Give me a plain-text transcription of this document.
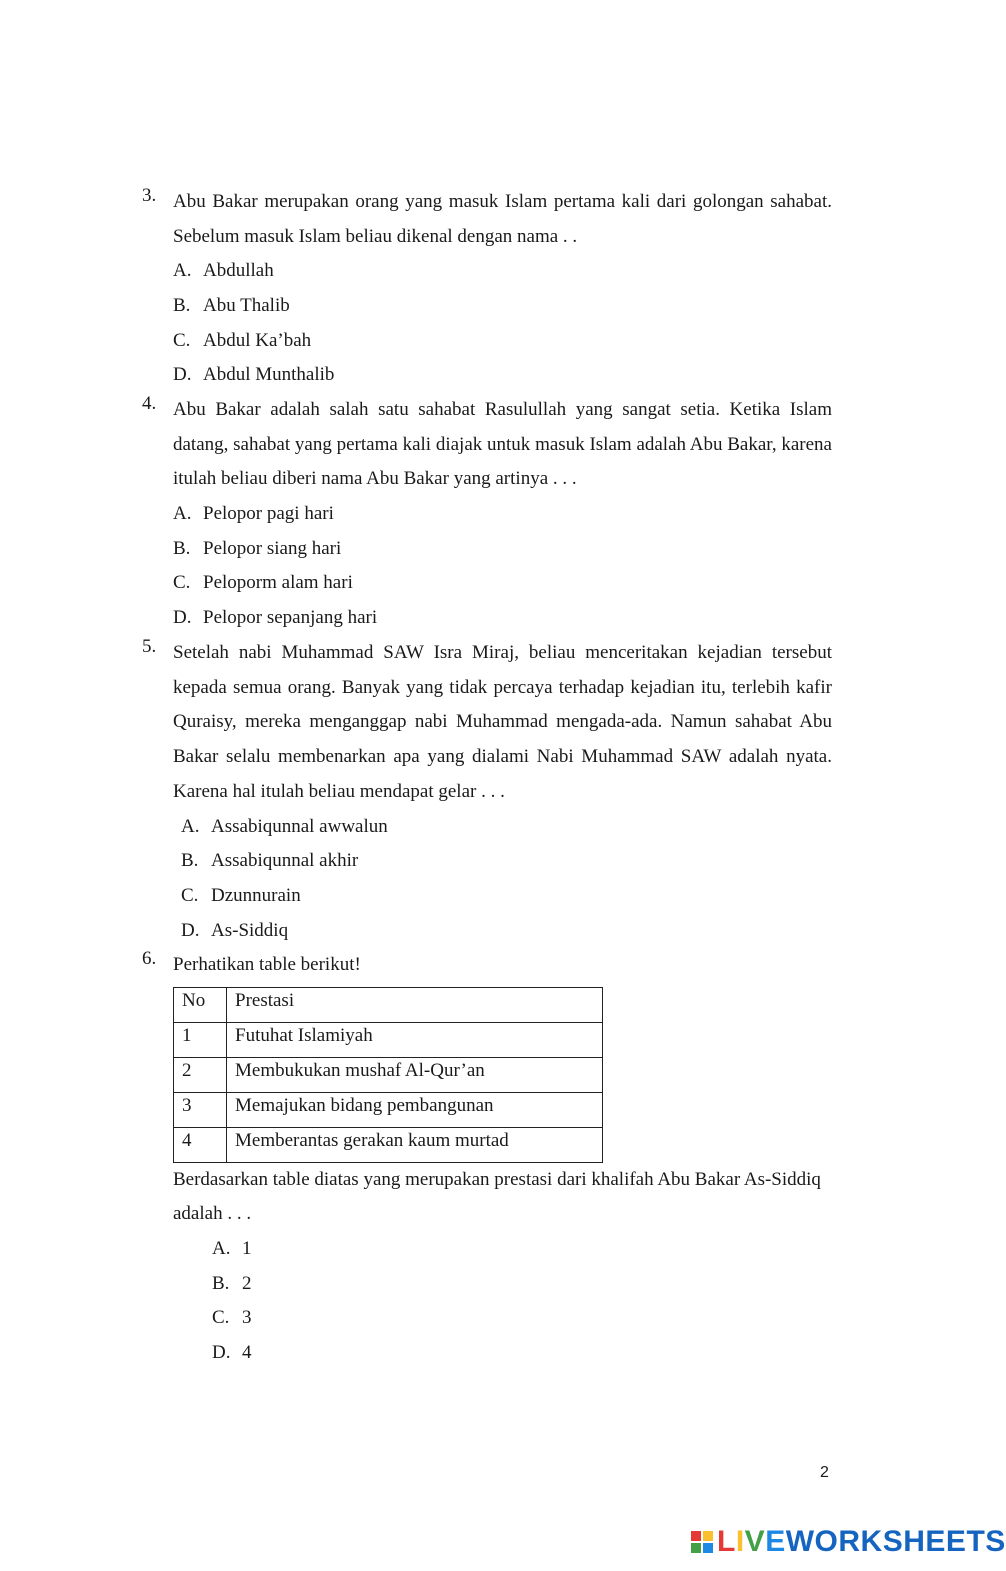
3. Abu Bakar merupakan orang yang masuk Islam pertama kali dari golongan sahabat. Sebelum masuk Islam beliau dikenal dengan nama . .
A. Abdullah
B. Abu Thalib
C. Abdul Ka’bah
D. Abdul Munthalib
4. Abu Bakar adalah salah satu sahabat Rasulullah yang sangat setia. Ketika Islam datang, sahabat yang pertama kali diajak untuk masuk Islam adalah Abu Bakar, karena itulah beliau diberi nama Abu Bakar yang artinya . . .
A. Pelopor pagi hari
B. Pelopor siang hari
C. Peloporm alam hari
D. Pelopor sepanjang hari
5. Setelah nabi Muhammad SAW Isra Miraj, beliau menceritakan kejadian tersebut kepada semua orang. Banyak yang tidak percaya terhadap kejadian itu, terlebih kafir Quraisy, mereka menganggap nabi Muhammad mengada-ada. Namun sahabat Abu Bakar selalu membenarkan apa yang dialami Nabi Muhammad SAW adalah nyata. Karena hal itulah beliau mendapat gelar . . .
A. Assabiqunnal awwalun
B. Assabiqunnal akhir
C. Dzunnurain
D. As-Siddiq
6. Perhatikan table berikut!
No	Prestasi
1	Futuhat Islamiyah
2	Membukukan mushaf Al-Qur’an
3	Memajukan bidang pembangunan
4	Memberantas gerakan kaum murtad
Berdasarkan table diatas yang merupakan prestasi dari khalifah Abu Bakar As-Siddiq adalah . . .
A. 1
B. 2
C. 3
D. 4
2
LIVEWORKSHEETS
